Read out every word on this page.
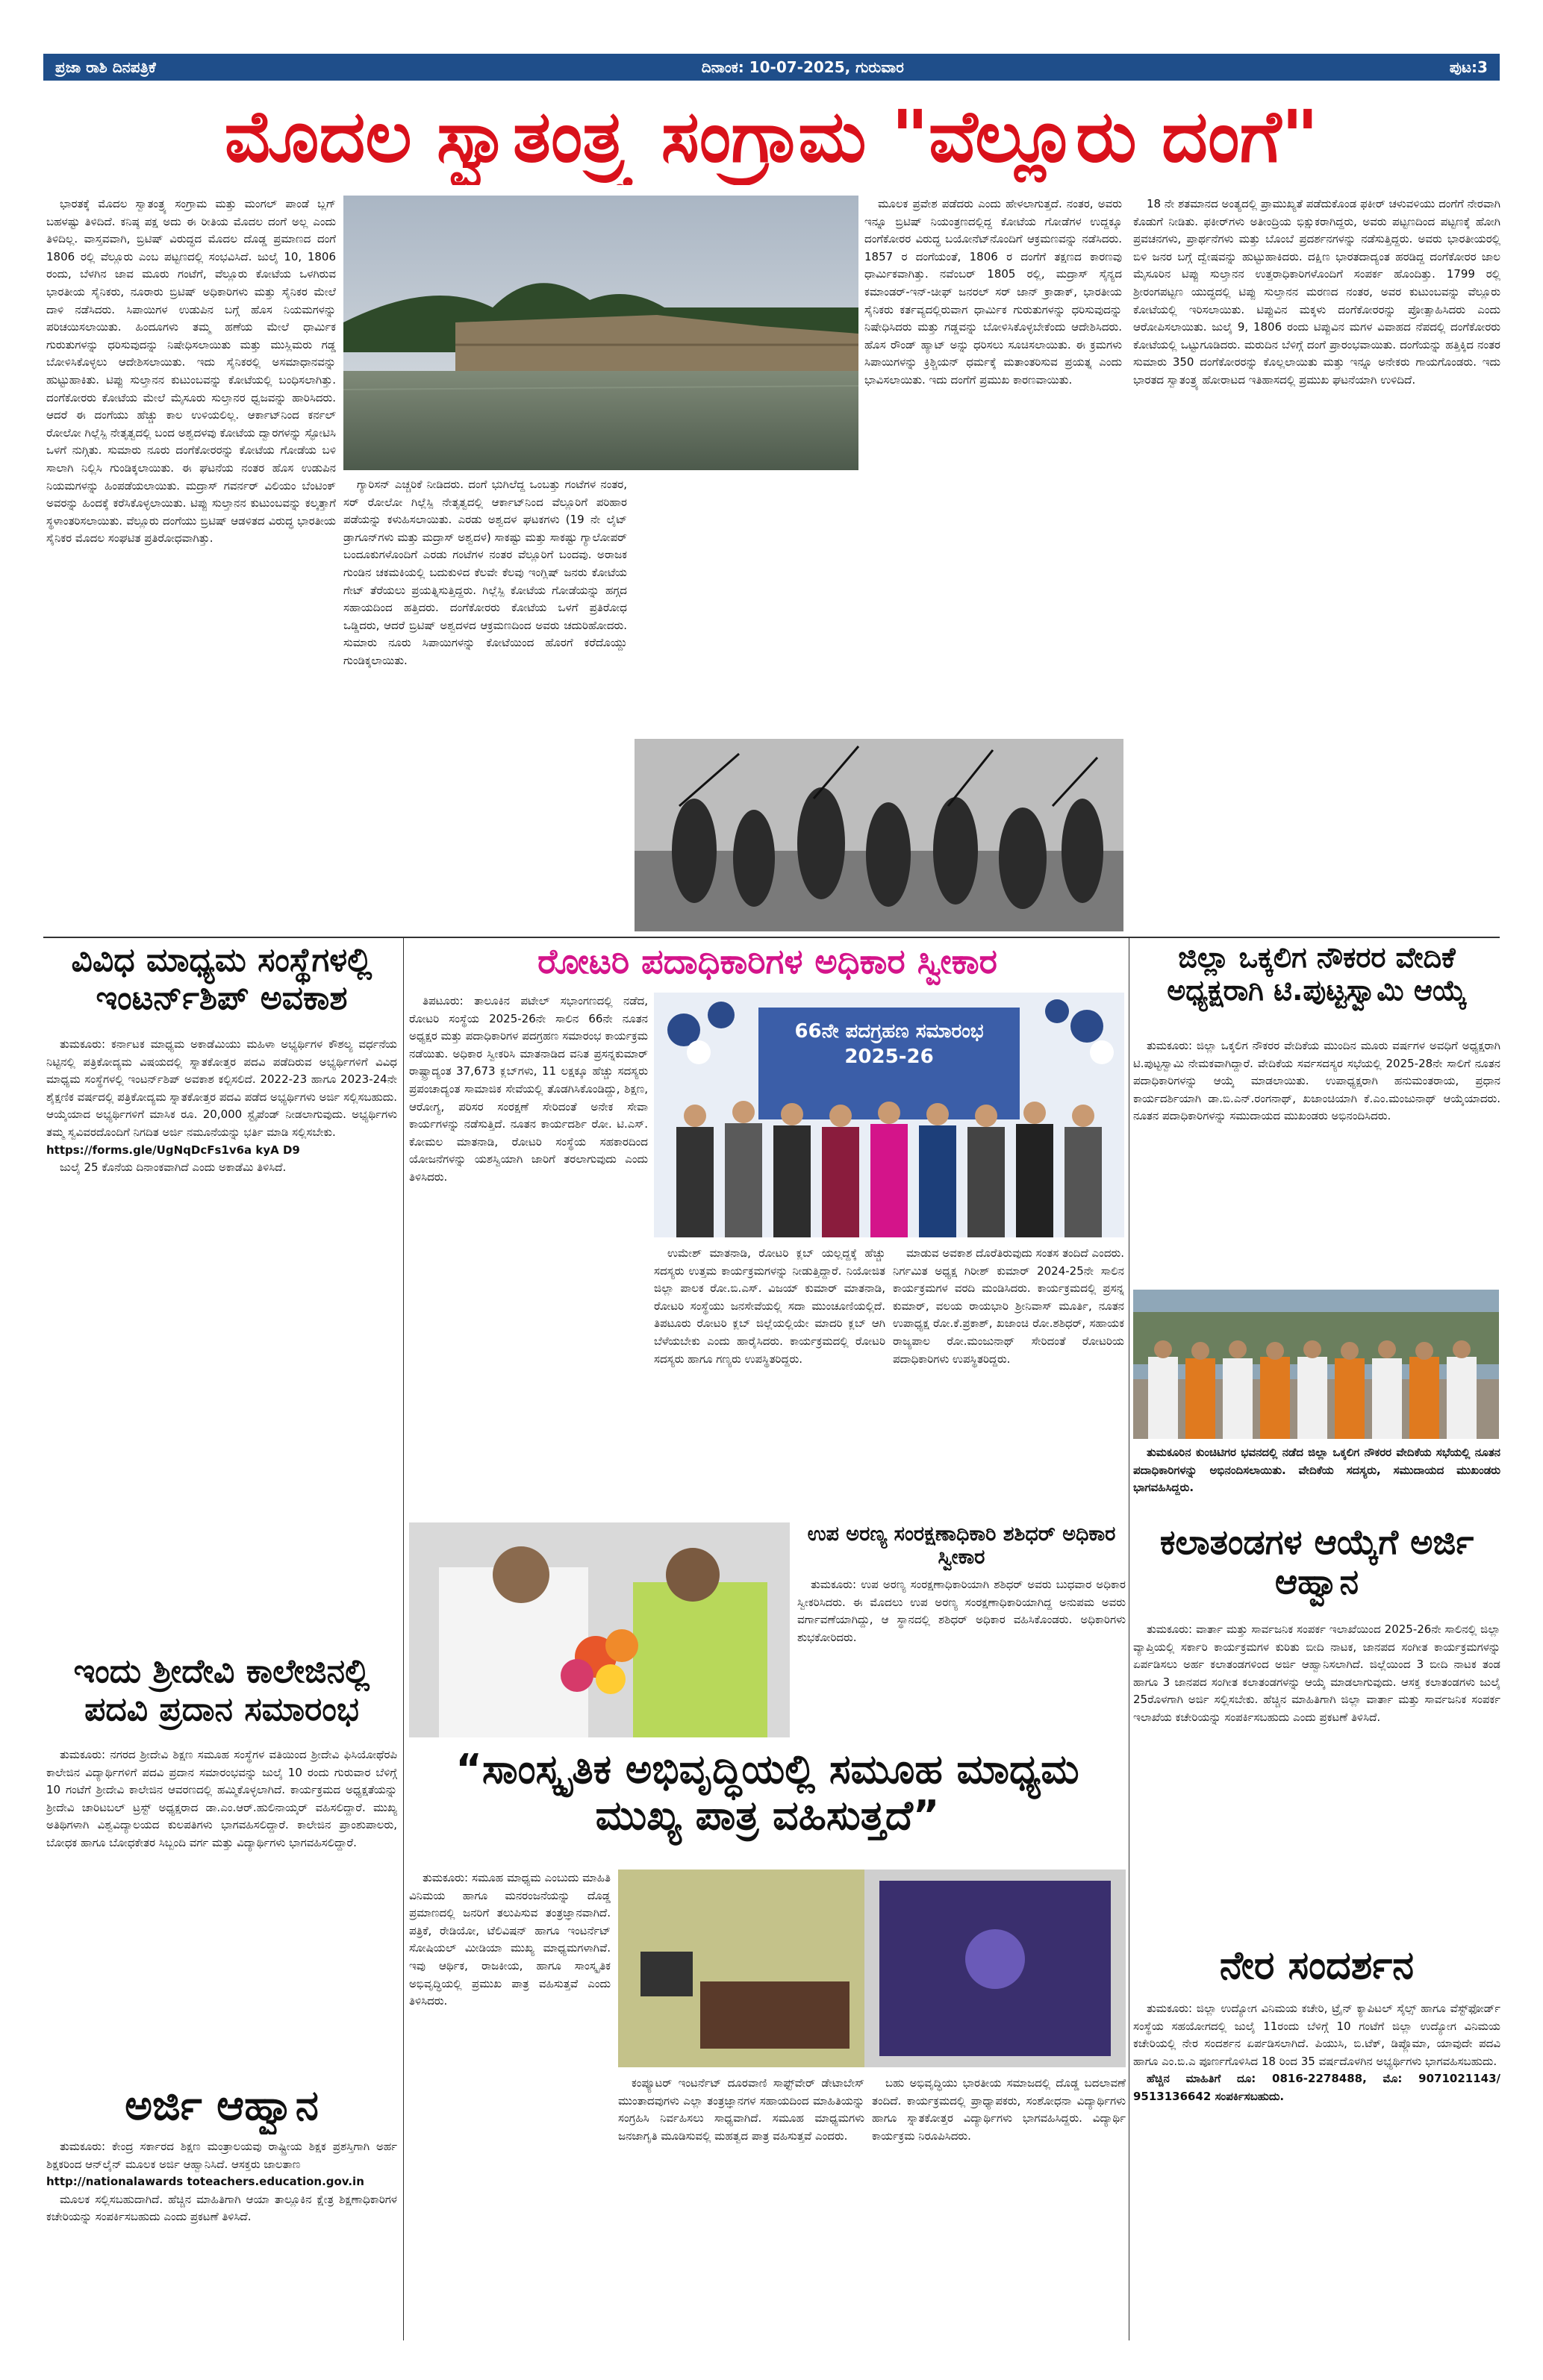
ಪ್ರಜಾ ರಾಶಿ ದಿನಪತ್ರಿಕೆ	ದಿನಾಂಕ: 10-07-2025, ಗುರುವಾರ	ಪುಟ:3
ಮೊದಲ ಸ್ವಾತಂತ್ರ್ಯ ಸಂಗ್ರಾಮ "ವೆಲ್ಲೂರು ದಂಗೆ"

ಭಾರತಕ್ಕೆ ಮೊದಲ ಸ್ವಾತಂತ್ರ್ಯ ಸಂಗ್ರಾಮ ಮತ್ತು ಮಂಗಲ್ ಪಾಂಡೆ ಬ್ಲಗ್ ಬಹಳಷ್ಟು ತಿಳಿದಿದೆ. ಕನಿಷ್ಠ ಪಕ್ಷ ಅದು ಈ ರೀತಿಯ ಮೊದಲ ದಂಗೆ ಅಲ್ಲ ಎಂದು ತಿಳಿದಿಲ್ಲ. ವಾಸ್ತವವಾಗಿ, ಬ್ರಿಟಿಷ್ ವಿರುದ್ಧದ ಮೊದಲ ದೊಡ್ಡ ಪ್ರಮಾಣದ ದಂಗೆ 1806 ರಲ್ಲಿ ವೆಲ್ಲೂರು ಎಂಬ ಪಟ್ಟಣದಲ್ಲಿ ಸಂಭವಿಸಿದೆ. ಜುಲೈ 10, 1806 ರಂದು, ಬೆಳಗಿನ ಜಾವ ಮೂರು ಗಂಟೆಗೆ, ವೆಲ್ಲೂರು ಕೋಟೆಯ ಒಳಗಿರುವ ಭಾರತೀಯ ಸೈನಿಕರು, ನೂರಾರು ಬ್ರಿಟಿಷ್ ಅಧಿಕಾರಿಗಳು ಮತ್ತು ಸೈನಿಕರ ಮೇಲೆ ದಾಳಿ ನಡೆಸಿದರು. ಸಿಪಾಯಿಗಳ ಉಡುಪಿನ ಬಗ್ಗೆ ಹೊಸ ನಿಯಮಗಳನ್ನು ಪರಿಚಯಿಸಲಾಯಿತು. ಹಿಂದೂಗಳು ತಮ್ಮ ಹಣೆಯ ಮೇಲೆ ಧಾರ್ಮಿಕ ಗುರುತುಗಳನ್ನು ಧರಿಸುವುದನ್ನು ನಿಷೇಧಿಸಲಾಯಿತು ಮತ್ತು ಮುಸ್ಲಿಮರು ಗಡ್ಡ ಬೋಳಿಸಿಕೊಳ್ಳಲು ಆದೇಶಿಸಲಾಯಿತು. ಇದು ಸೈನಿಕರಲ್ಲಿ ಅಸಮಾಧಾನವನ್ನು ಹುಟ್ಟುಹಾಕಿತು. ಟಿಪ್ಪು ಸುಲ್ತಾನನ ಕುಟುಂಬವನ್ನು ಕೋಟೆಯಲ್ಲಿ ಬಂಧಿಸಲಾಗಿತ್ತು. ದಂಗೆಕೋರರು ಕೋಟೆಯ ಮೇಲೆ ಮೈಸೂರು ಸುಲ್ತಾನರ ಧ್ವಜವನ್ನು ಹಾರಿಸಿದರು. ಆದರೆ ಈ ದಂಗೆಯು ಹೆಚ್ಚು ಕಾಲ ಉಳಿಯಲಿಲ್ಲ. ಆರ್ಕಾಟ್‌ನಿಂದ ಕರ್ನಲ್ ರೋಲೋ ಗಿಲ್ಲೆಸ್ಪಿ ನೇತೃತ್ವದಲ್ಲಿ ಬಂದ ಅಶ್ವದಳವು ಕೋಟೆಯ ದ್ವಾರಗಳನ್ನು ಸ್ಫೋಟಿಸಿ ಒಳಗೆ ನುಗ್ಗಿತು. ಸುಮಾರು ನೂರು ದಂಗೆಕೋರರನ್ನು ಕೋಟೆಯ ಗೋಡೆಯ ಬಳಿ ಸಾಲಾಗಿ ನಿಲ್ಲಿಸಿ ಗುಂಡಿಕ್ಕಲಾಯಿತು. ಈ ಘಟನೆಯ ನಂತರ ಹೊಸ ಉಡುಪಿನ ನಿಯಮಗಳನ್ನು ಹಿಂಪಡೆಯಲಾಯಿತು. ಮದ್ರಾಸ್ ಗವರ್ನರ್ ವಿಲಿಯಂ ಬೆಂಟಿಂಕ್ ಅವರನ್ನು ಹಿಂದಕ್ಕೆ ಕರೆಸಿಕೊಳ್ಳಲಾಯಿತು. ಟಿಪ್ಪು ಸುಲ್ತಾನನ ಕುಟುಂಬವನ್ನು ಕಲ್ಕತ್ತಾಗೆ ಸ್ಥಳಾಂತರಿಸಲಾಯಿತು. ವೆಲ್ಲೂರು ದಂಗೆಯು ಬ್ರಿಟಿಷ್ ಆಡಳಿತದ ವಿರುದ್ಧ ಭಾರತೀಯ ಸೈನಿಕರ ಮೊದಲ ಸಂಘಟಿತ ಪ್ರತಿರೋಧವಾಗಿತ್ತು.

ಮೂಲಕ ಪ್ರವೇಶ ಪಡೆದರು ಎಂದು ಹೇಳಲಾಗುತ್ತದೆ. ನಂತರ, ಅವರು ಇನ್ನೂ ಬ್ರಿಟಿಷ್ ನಿಯಂತ್ರಣದಲ್ಲಿದ್ದ ಕೋಟೆಯ ಗೋಡೆಗಳ ಉದ್ದಕ್ಕೂ ದಂಗೆಕೋರರ ವಿರುದ್ಧ ಬಯೋನೆಟ್‌ನೊಂದಿಗೆ ಆಕ್ರಮಣವನ್ನು ನಡೆಸಿದರು. 1857 ರ ದಂಗೆಯಂತೆ, 1806 ರ ದಂಗೆಗೆ ತಕ್ಷಣದ ಕಾರಣವು ಧಾರ್ಮಿಕವಾಗಿತ್ತು. ನವೆಂಬರ್ 1805 ರಲ್ಲಿ, ಮದ್ರಾಸ್ ಸೈನ್ಯದ ಕಮಾಂಡರ್-ಇನ್-ಚೀಫ್ ಜನರಲ್ ಸರ್ ಜಾನ್ ಕ್ರಾಡಾಕ್, ಭಾರತೀಯ ಸೈನಿಕರು ಕರ್ತವ್ಯದಲ್ಲಿರುವಾಗ ಧಾರ್ಮಿಕ ಗುರುತುಗಳನ್ನು ಧರಿಸುವುದನ್ನು ನಿಷೇಧಿಸಿದರು ಮತ್ತು ಗಡ್ಡವನ್ನು ಬೋಳಿಸಿಕೊಳ್ಳಬೇಕೆಂದು ಆದೇಶಿಸಿದರು. ಹೊಸ ರೌಂಡ್ ಹ್ಯಾಟ್ ಅನ್ನು ಧರಿಸಲು ಸೂಚಿಸಲಾಯಿತು. ಈ ಕ್ರಮಗಳು ಸಿಪಾಯಿಗಳನ್ನು ಕ್ರಿಶ್ಚಿಯನ್ ಧರ್ಮಕ್ಕೆ ಮತಾಂತರಿಸುವ ಪ್ರಯತ್ನ ಎಂದು ಭಾವಿಸಲಾಯಿತು. ಇದು ದಂಗೆಗೆ ಪ್ರಮುಖ ಕಾರಣವಾಯಿತು.

18 ನೇ ಶತಮಾನದ ಅಂತ್ಯದಲ್ಲಿ ಪ್ರಾಮುಖ್ಯತೆ ಪಡೆದುಕೊಂಡ ಫಕೀರ್ ಚಳುವಳಿಯು ದಂಗೆಗೆ ನೇರವಾಗಿ ಕೊಡುಗೆ ನೀಡಿತು. ಫಕೀರ್‌ಗಳು ಅತೀಂದ್ರಿಯ ಭಿಕ್ಷುಕರಾಗಿದ್ದರು, ಅವರು ಪಟ್ಟಣದಿಂದ ಪಟ್ಟಣಕ್ಕೆ ಹೋಗಿ ಪ್ರವಚನಗಳು, ಪ್ರಾರ್ಥನೆಗಳು ಮತ್ತು ಬೊಂಬೆ ಪ್ರದರ್ಶನಗಳನ್ನು ನಡೆಸುತ್ತಿದ್ದರು. ಅವರು ಭಾರತೀಯರಲ್ಲಿ ಬಿಳಿ ಜನರ ಬಗ್ಗೆ ದ್ವೇಷವನ್ನು ಹುಟ್ಟುಹಾಕಿದರು. ದಕ್ಷಿಣ ಭಾರತದಾದ್ಯಂತ ಹರಡಿದ್ದ ದಂಗೆಕೋರರ ಜಾಲ ಮೈಸೂರಿನ ಟಿಪ್ಪು ಸುಲ್ತಾನನ ಉತ್ತರಾಧಿಕಾರಿಗಳೊಂದಿಗೆ ಸಂಪರ್ಕ ಹೊಂದಿತ್ತು. 1799 ರಲ್ಲಿ ಶ್ರೀರಂಗಪಟ್ಟಣ ಯುದ್ಧದಲ್ಲಿ ಟಿಪ್ಪು ಸುಲ್ತಾನನ ಮರಣದ ನಂತರ, ಅವರ ಕುಟುಂಬವನ್ನು ವೆಲ್ಲೂರು ಕೋಟೆಯಲ್ಲಿ ಇರಿಸಲಾಯಿತು. ಟಿಪ್ಪುವಿನ ಮಕ್ಕಳು ದಂಗೆಕೋರರನ್ನು ಪ್ರೋತ್ಸಾಹಿಸಿದರು ಎಂದು ಆರೋಪಿಸಲಾಯಿತು. ಜುಲೈ 9, 1806 ರಂದು ಟಿಪ್ಪುವಿನ ಮಗಳ ವಿವಾಹದ ನೆಪದಲ್ಲಿ ದಂಗೆಕೋರರು ಕೋಟೆಯಲ್ಲಿ ಒಟ್ಟುಗೂಡಿದರು. ಮರುದಿನ ಬೆಳಿಗ್ಗೆ ದಂಗೆ ಪ್ರಾರಂಭವಾಯಿತು. ದಂಗೆಯನ್ನು ಹತ್ತಿಕ್ಕಿದ ನಂತರ ಸುಮಾರು 350 ದಂಗೆಕೋರರನ್ನು ಕೊಲ್ಲಲಾಯಿತು ಮತ್ತು ಇನ್ನೂ ಅನೇಕರು ಗಾಯಗೊಂಡರು. ಇದು ಭಾರತದ ಸ್ವಾತಂತ್ರ್ಯ ಹೋರಾಟದ ಇತಿಹಾಸದಲ್ಲಿ ಪ್ರಮುಖ ಘಟನೆಯಾಗಿ ಉಳಿದಿದೆ.

ಗ್ಯಾರಿಸನ್ ಎಚ್ಚರಿಕೆ ನೀಡಿದರು. ದಂಗೆ ಭುಗಿಲೆದ್ದ ಒಂಬತ್ತು ಗಂಟೆಗಳ ನಂತರ, ಸರ್ ರೋಲೋ ಗಿಲ್ಲೆಸ್ಪಿ ನೇತೃತ್ವದಲ್ಲಿ ಆರ್ಕಾಟ್‌ನಿಂದ ವೆಲ್ಲೂರಿಗೆ ಪರಿಹಾರ ಪಡೆಯನ್ನು ಕಳುಹಿಸಲಾಯಿತು. ಎರಡು ಅಶ್ವದಳ ಘಟಕಗಳು (19 ನೇ ಲೈಟ್ ಡ್ರಾಗೂನ್‌ಗಳು ಮತ್ತು ಮದ್ರಾಸ್ ಅಶ್ವದಳ) ಸಾಕಷ್ಟು ಮತ್ತು ಸಾಕಷ್ಟು ಗ್ಯಾಲೋಪರ್ ಬಂದೂಕುಗಳೊಂದಿಗೆ ಎರಡು ಗಂಟೆಗಳ ನಂತರ ವೆಲ್ಲೂರಿಗೆ ಬಂದವು. ಅರಾಜಕ ಗುಂಡಿನ ಚಕಮಕಿಯಲ್ಲಿ ಬದುಕುಳಿದ ಕೆಲವೇ ಕೆಲವು ಇಂಗ್ಲಿಷ್ ಜನರು ಕೋಟೆಯ ಗೇಟ್ ತೆರೆಯಲು ಪ್ರಯತ್ನಿಸುತ್ತಿದ್ದರು. ಗಿಲ್ಲೆಸ್ಪಿ ಕೋಟೆಯ ಗೋಡೆಯನ್ನು ಹಗ್ಗದ ಸಹಾಯದಿಂದ ಹತ್ತಿದರು. ದಂಗೆಕೋರರು ಕೋಟೆಯ ಒಳಗೆ ಪ್ರತಿರೋಧ ಒಡ್ಡಿದರು, ಆದರೆ ಬ್ರಿಟಿಷ್ ಅಶ್ವದಳದ ಆಕ್ರಮಣದಿಂದ ಅವರು ಚದುರಿಹೋದರು. ಸುಮಾರು ನೂರು ಸಿಪಾಯಿಗಳನ್ನು ಕೋಟೆಯಿಂದ ಹೊರಗೆ ಕರೆದೊಯ್ದು ಗುಂಡಿಕ್ಕಲಾಯಿತು.

ವಿವಿಧ ಮಾಧ್ಯಮ ಸಂಸ್ಥೆಗಳಲ್ಲಿ ಇಂಟರ್ನ್‌ಶಿಪ್ ಅವಕಾಶ

ತುಮಕೂರು: ಕರ್ನಾಟಕ ಮಾಧ್ಯಮ ಅಕಾಡೆಮಿಯು ಮಹಿಳಾ ಅಭ್ಯರ್ಥಿಗಳ ಕೌಶಲ್ಯ ವರ್ಧನೆಯ ನಿಟ್ಟಿನಲ್ಲಿ ಪತ್ರಿಕೋದ್ಯಮ ವಿಷಯದಲ್ಲಿ ಸ್ನಾತಕೋತ್ತರ ಪದವಿ ಪಡೆದಿರುವ ಅಭ್ಯರ್ಥಿಗಳಿಗೆ ವಿವಿಧ ಮಾಧ್ಯಮ ಸಂಸ್ಥೆಗಳಲ್ಲಿ ಇಂಟರ್ನ್‌ಶಿಪ್ ಅವಕಾಶ ಕಲ್ಪಿಸಲಿದೆ. 2022-23 ಹಾಗೂ 2023-24ನೇ ಶೈಕ್ಷಣಿಕ ವರ್ಷದಲ್ಲಿ ಪತ್ರಿಕೋದ್ಯಮ ಸ್ನಾತಕೋತ್ತರ ಪದವಿ ಪಡೆದ ಅಭ್ಯರ್ಥಿಗಳು ಅರ್ಜಿ ಸಲ್ಲಿಸಬಹುದು. ಆಯ್ಕೆಯಾದ ಅಭ್ಯರ್ಥಿಗಳಿಗೆ ಮಾಸಿಕ ರೂ. 20,000 ಸ್ಟೈಪೆಂಡ್ ನೀಡಲಾಗುವುದು. ಅಭ್ಯರ್ಥಿಗಳು ತಮ್ಮ ಸ್ವವಿವರದೊಂದಿಗೆ ನಿಗದಿತ ಅರ್ಜಿ ನಮೂನೆಯನ್ನು ಭರ್ತಿ ಮಾಡಿ ಸಲ್ಲಿಸಬೇಕು.

https://forms.gle/UgNqDcFs1v6a kyA D9

ಜುಲೈ 25 ಕೊನೆಯ ದಿನಾಂಕವಾಗಿದೆ ಎಂದು ಅಕಾಡೆಮಿ ತಿಳಿಸಿದೆ.

ಇಂದು ಶ್ರೀದೇವಿ ಕಾಲೇಜಿನಲ್ಲಿ ಪದವಿ ಪ್ರದಾನ ಸಮಾರಂಭ

ತುಮಕೂರು: ನಗರದ ಶ್ರೀದೇವಿ ಶಿಕ್ಷಣ ಸಮೂಹ ಸಂಸ್ಥೆಗಳ ವತಿಯಿಂದ ಶ್ರೀದೇವಿ ಫಿಸಿಯೋಥೆರಪಿ ಕಾಲೇಜಿನ ವಿದ್ಯಾರ್ಥಿಗಳಿಗೆ ಪದವಿ ಪ್ರದಾನ ಸಮಾರಂಭವನ್ನು ಜುಲೈ 10 ರಂದು ಗುರುವಾರ ಬೆಳಿಗ್ಗೆ 10 ಗಂಟೆಗೆ ಶ್ರೀದೇವಿ ಕಾಲೇಜಿನ ಆವರಣದಲ್ಲಿ ಹಮ್ಮಿಕೊಳ್ಳಲಾಗಿದೆ. ಕಾರ್ಯಕ್ರಮದ ಅಧ್ಯಕ್ಷತೆಯನ್ನು ಶ್ರೀದೇವಿ ಚಾರಿಟಬಲ್ ಟ್ರಸ್ಟ್ ಅಧ್ಯಕ್ಷರಾದ ಡಾ.ಎಂ.ಆರ್.ಹುಲಿನಾಯ್ಕರ್ ವಹಿಸಲಿದ್ದಾರೆ. ಮುಖ್ಯ ಅತಿಥಿಗಳಾಗಿ ವಿಶ್ವವಿದ್ಯಾಲಯದ ಕುಲಪತಿಗಳು ಭಾಗವಹಿಸಲಿದ್ದಾರೆ. ಕಾಲೇಜಿನ ಪ್ರಾಂಶುಪಾಲರು, ಬೋಧಕ ಹಾಗೂ ಬೋಧಕೇತರ ಸಿಬ್ಬಂದಿ ವರ್ಗ ಮತ್ತು ವಿದ್ಯಾರ್ಥಿಗಳು ಭಾಗವಹಿಸಲಿದ್ದಾರೆ.

ಅರ್ಜಿ ಆಹ್ವಾನ

ತುಮಕೂರು: ಕೇಂದ್ರ ಸರ್ಕಾರದ ಶಿಕ್ಷಣ ಮಂತ್ರಾಲಯವು ರಾಷ್ಟ್ರೀಯ ಶಿಕ್ಷಕ ಪ್ರಶಸ್ತಿಗಾಗಿ ಅರ್ಹ ಶಿಕ್ಷಕರಿಂದ ಆನ್‌ಲೈನ್ ಮೂಲಕ ಅರ್ಜಿ ಆಹ್ವಾನಿಸಿದೆ. ಆಸಕ್ತರು ಜಾಲತಾಣ

http://nationalawards toteachers.education.gov.in

ಮೂಲಕ ಸಲ್ಲಿಸಬಹುದಾಗಿದೆ. ಹೆಚ್ಚಿನ ಮಾಹಿತಿಗಾಗಿ ಆಯಾ ತಾಲ್ಲೂಕಿನ ಕ್ಷೇತ್ರ ಶಿಕ್ಷಣಾಧಿಕಾರಿಗಳ ಕಚೇರಿಯನ್ನು ಸಂಪರ್ಕಿಸಬಹುದು ಎಂದು ಪ್ರಕಟಣೆ ತಿಳಿಸಿದೆ.

ರೋಟರಿ ಪದಾಧಿಕಾರಿಗಳ ಅಧಿಕಾರ ಸ್ವೀಕಾರ

ತಿಪಟೂರು: ತಾಲೂಕಿನ ಪಟೇಲ್ ಸಭಾಂಗಣದಲ್ಲಿ ನಡೆದ, ರೋಟರಿ ಸಂಸ್ಥೆಯ 2025-26ನೇ ಸಾಲಿನ 66ನೇ ನೂತನ ಅಧ್ಯಕ್ಷರ ಮತ್ತು ಪದಾಧಿಕಾರಿಗಳ ಪದಗ್ರಹಣ ಸಮಾರಂಭ ಕಾರ್ಯಕ್ರಮ ನಡೆಯಿತು. ಅಧಿಕಾರ ಸ್ವೀಕರಿಸಿ ಮಾತನಾಡಿದ ವನಿತ ಪ್ರಸನ್ನಕುಮಾರ್ ರಾಷ್ಟ್ರಾದ್ಯಂತ 37,673 ಕ್ಲಬ್‌ಗಳು, 11 ಲಕ್ಷಕ್ಕೂ ಹೆಚ್ಚು ಸದಸ್ಯರು ಪ್ರಪಂಚಾದ್ಯಂತ ಸಾಮಾಜಿಕ ಸೇವೆಯಲ್ಲಿ ತೊಡಗಿಸಿಕೊಂಡಿದ್ದು, ಶಿಕ್ಷಣ, ಆರೋಗ್ಯ, ಪರಿಸರ ಸಂರಕ್ಷಣೆ ಸೇರಿದಂತೆ ಅನೇಕ ಸೇವಾ ಕಾರ್ಯಗಳನ್ನು ನಡೆಸುತ್ತಿದೆ. ನೂತನ ಕಾರ್ಯದರ್ಶಿ ರೋ. ಟಿ.ಎಸ್. ಕೋಮಲ ಮಾತನಾಡಿ, ರೋಟರಿ ಸಂಸ್ಥೆಯ ಸಹಕಾರದಿಂದ ಯೋಜನೆಗಳನ್ನು ಯಶಸ್ವಿಯಾಗಿ ಜಾರಿಗೆ ತರಲಾಗುವುದು ಎಂದು ತಿಳಿಸಿದರು.

66ನೇ ಪದಗ್ರಹಣ ಸಮಾರಂಭ 2025-26

ಉಮೇಶ್ ಮಾತನಾಡಿ, ರೋಟರಿ ಕ್ಲಬ್ ಯಲ್ಲದ್ದಕ್ಕೆ ಹೆಚ್ಚು ಸದಸ್ಯರು ಉತ್ತಮ ಕಾರ್ಯಕ್ರಮಗಳನ್ನು ನೀಡುತ್ತಿದ್ದಾರೆ. ನಿಯೋಜಿತ ಜಿಲ್ಲಾ ಪಾಲಕ ರೋ.ಬಿ.ಎಸ್. ವಿಜಯ್ ಕುಮಾರ್ ಮಾತನಾಡಿ, ರೋಟರಿ ಸಂಸ್ಥೆಯು ಜನಸೇವೆಯಲ್ಲಿ ಸದಾ ಮುಂಚೂಣಿಯಲ್ಲಿದೆ. ತಿಪಟೂರು ರೋಟರಿ ಕ್ಲಬ್ ಜಿಲ್ಲೆಯಲ್ಲಿಯೇ ಮಾದರಿ ಕ್ಲಬ್ ಆಗಿ ಬೆಳೆಯಬೇಕು ಎಂದು ಹಾರೈಸಿದರು. ಕಾರ್ಯಕ್ರಮದಲ್ಲಿ ರೋಟರಿ ಸದಸ್ಯರು ಹಾಗೂ ಗಣ್ಯರು ಉಪಸ್ಥಿತರಿದ್ದರು.

ಮಾಡುವ ಅವಕಾಶ ದೊರೆತಿರುವುದು ಸಂತಸ ತಂದಿದೆ ಎಂದರು. ನಿರ್ಗಮಿತ ಅಧ್ಯಕ್ಷ ಗಿರೀಶ್ ಕುಮಾರ್ 2024-25ನೇ ಸಾಲಿನ ಕಾರ್ಯಕ್ರಮಗಳ ವರದಿ ಮಂಡಿಸಿದರು. ಕಾರ್ಯಕ್ರಮದಲ್ಲಿ ಪ್ರಸನ್ನ ಕುಮಾರ್, ವಲಯ ರಾಯಭಾರಿ ಶ್ರೀನಿವಾಸ್ ಮೂರ್ತಿ, ನೂತನ ಉಪಾಧ್ಯಕ್ಷ ರೋ.ಕೆ.ಪ್ರಕಾಶ್, ಖಜಾಂಚಿ ರೋ.ಶಶಿಧರ್, ಸಹಾಯಕ ರಾಜ್ಯಪಾಲ ರೋ.ಮಂಜುನಾಥ್ ಸೇರಿದಂತೆ ರೋಟರಿಯ ಪದಾಧಿಕಾರಿಗಳು ಉಪಸ್ಥಿತರಿದ್ದರು.

ಜಿಲ್ಲಾ ಒಕ್ಕಲಿಗ ನೌಕರರ ವೇದಿಕೆ ಅಧ್ಯಕ್ಷರಾಗಿ ಟಿ.ಪುಟ್ಟಸ್ವಾಮಿ ಆಯ್ಕೆ

ತುಮಕೂರು: ಜಿಲ್ಲಾ ಒಕ್ಕಲಿಗ ನೌಕರರ ವೇದಿಕೆಯ ಮುಂದಿನ ಮೂರು ವರ್ಷಗಳ ಅವಧಿಗೆ ಅಧ್ಯಕ್ಷರಾಗಿ ಟಿ.ಪುಟ್ಟಸ್ವಾಮಿ ನೇಮಕವಾಗಿದ್ದಾರೆ. ವೇದಿಕೆಯ ಸರ್ವಸದಸ್ಯರ ಸಭೆಯಲ್ಲಿ 2025-28ನೇ ಸಾಲಿಗೆ ನೂತನ ಪದಾಧಿಕಾರಿಗಳನ್ನು ಆಯ್ಕೆ ಮಾಡಲಾಯಿತು. ಉಪಾಧ್ಯಕ್ಷರಾಗಿ ಹನುಮಂತರಾಯ, ಪ್ರಧಾನ ಕಾರ್ಯದರ್ಶಿಯಾಗಿ ಡಾ.ಬಿ.ಎನ್.ರಂಗನಾಥ್, ಖಜಾಂಚಿಯಾಗಿ ಕೆ.ಎಂ.ಮಂಜುನಾಥ್ ಆಯ್ಕೆಯಾದರು. ನೂತನ ಪದಾಧಿಕಾರಿಗಳನ್ನು ಸಮುದಾಯದ ಮುಖಂಡರು ಅಭಿನಂದಿಸಿದರು.

ತುಮಕೂರಿನ ಕುಂಚಿಟಿಗರ ಭವನದಲ್ಲಿ ನಡೆದ ಜಿಲ್ಲಾ ಒಕ್ಕಲಿಗ ನೌಕರರ ವೇದಿಕೆಯ ಸಭೆಯಲ್ಲಿ ನೂತನ ಪದಾಧಿಕಾರಿಗಳನ್ನು ಅಭಿನಂದಿಸಲಾಯಿತು. ವೇದಿಕೆಯ ಸದಸ್ಯರು, ಸಮುದಾಯದ ಮುಖಂಡರು ಭಾಗವಹಿಸಿದ್ದರು.

ಉಪ ಅರಣ್ಯ ಸಂರಕ್ಷಣಾಧಿಕಾರಿ ಶಶಿಧರ್ ಅಧಿಕಾರ ಸ್ವೀಕಾರ

ತುಮಕೂರು: ಉಪ ಅರಣ್ಯ ಸಂರಕ್ಷಣಾಧಿಕಾರಿಯಾಗಿ ಶಶಿಧರ್ ಅವರು ಬುಧವಾರ ಅಧಿಕಾರ ಸ್ವೀಕರಿಸಿದರು. ಈ ಮೊದಲು ಉಪ ಅರಣ್ಯ ಸಂರಕ್ಷಣಾಧಿಕಾರಿಯಾಗಿದ್ದ ಅನುಪಮ ಅವರು ವರ್ಗಾವಣೆಯಾಗಿದ್ದು, ಆ ಸ್ಥಾನದಲ್ಲಿ ಶಶಿಧರ್ ಅಧಿಕಾರ ವಹಿಸಿಕೊಂಡರು. ಅಧಿಕಾರಿಗಳು ಶುಭಕೋರಿದರು.

ಕಲಾತಂಡಗಳ ಆಯ್ಕೆಗೆ ಅರ್ಜಿ ಆಹ್ವಾನ

ತುಮಕೂರು: ವಾರ್ತಾ ಮತ್ತು ಸಾರ್ವಜನಿಕ ಸಂಪರ್ಕ ಇಲಾಖೆಯಿಂದ 2025-26ನೇ ಸಾಲಿನಲ್ಲಿ ಜಿಲ್ಲಾ ವ್ಯಾಪ್ತಿಯಲ್ಲಿ ಸರ್ಕಾರಿ ಕಾರ್ಯಕ್ರಮಗಳ ಕುರಿತು ಬೀದಿ ನಾಟಕ, ಜಾನಪದ ಸಂಗೀತ ಕಾರ್ಯಕ್ರಮಗಳನ್ನು ಏರ್ಪಡಿಸಲು ಅರ್ಹ ಕಲಾತಂಡಗಳಿಂದ ಅರ್ಜಿ ಆಹ್ವಾನಿಸಲಾಗಿದೆ. ಜಿಲ್ಲೆಯಿಂದ 3 ಬೀದಿ ನಾಟಕ ತಂಡ ಹಾಗೂ 3 ಜಾನಪದ ಸಂಗೀತ ಕಲಾತಂಡಗಳನ್ನು ಆಯ್ಕೆ ಮಾಡಲಾಗುವುದು. ಆಸಕ್ತ ಕಲಾತಂಡಗಳು ಜುಲೈ 25ರೊಳಗಾಗಿ ಅರ್ಜಿ ಸಲ್ಲಿಸಬೇಕು. ಹೆಚ್ಚಿನ ಮಾಹಿತಿಗಾಗಿ ಜಿಲ್ಲಾ ವಾರ್ತಾ ಮತ್ತು ಸಾರ್ವಜನಿಕ ಸಂಪರ್ಕ ಇಲಾಖೆಯ ಕಚೇರಿಯನ್ನು ಸಂಪರ್ಕಿಸಬಹುದು ಎಂದು ಪ್ರಕಟಣೆ ತಿಳಿಸಿದೆ.

ನೇರ ಸಂದರ್ಶನ

ತುಮಕೂರು: ಜಿಲ್ಲಾ ಉದ್ಯೋಗ ವಿನಿಮಯ ಕಚೇರಿ, ಟ್ರೈನ್ ಕ್ಯಾಪಿಟಲ್ ಸೈಲ್ಸ್ ಹಾಗೂ ವೆಸ್ಟ್‌ಫೋರ್ಡ್ ಸಂಸ್ಥೆಯ ಸಹಯೋಗದಲ್ಲಿ ಜುಲೈ 11ರಂದು ಬೆಳಿಗ್ಗೆ 10 ಗಂಟೆಗೆ ಜಿಲ್ಲಾ ಉದ್ಯೋಗ ವಿನಿಮಯ ಕಚೇರಿಯಲ್ಲಿ ನೇರ ಸಂದರ್ಶನ ಏರ್ಪಡಿಸಲಾಗಿದೆ. ಪಿಯುಸಿ, ಬಿ.ಟೆಕ್, ಡಿಪ್ಲೊಮಾ, ಯಾವುದೇ ಪದವಿ ಹಾಗೂ ಎಂ.ಬಿ.ಎ ಪೂರ್ಣಗೊಳಿಸಿದ 18 ರಿಂದ 35 ವರ್ಷದೊಳಗಿನ ಅಭ್ಯರ್ಥಿಗಳು ಭಾಗವಹಿಸಬಹುದು.

ಹೆಚ್ಚಿನ ಮಾಹಿತಿಗೆ ದೂ: 0816-2278488, ಮೊ: 9071021143/ 9513136642 ಸಂಪರ್ಕಿಸಬಹುದು.

“ಸಾಂಸ್ಕೃತಿಕ ಅಭಿವೃದ್ಧಿಯಲ್ಲಿ ಸಮೂಹ ಮಾಧ್ಯಮ ಮುಖ್ಯ ಪಾತ್ರ ವಹಿಸುತ್ತದೆ”

ತುಮಕೂರು: ಸಮೂಹ ಮಾಧ್ಯಮ ಎಂಬುದು ಮಾಹಿತಿ ವಿನಿಮಯ ಹಾಗೂ ಮನರಂಜನೆಯನ್ನು ದೊಡ್ಡ ಪ್ರಮಾಣದಲ್ಲಿ ಜನರಿಗೆ ತಲುಪಿಸುವ ತಂತ್ರಜ್ಞಾನವಾಗಿದೆ. ಪತ್ರಿಕೆ, ರೇಡಿಯೋ, ಟೆಲಿವಿಷನ್ ಹಾಗೂ ಇಂಟರ್ನೆಟ್ ಸೋಷಿಯಲ್ ಮೀಡಿಯಾ ಮುಖ್ಯ ಮಾಧ್ಯಮಗಳಾಗಿವೆ. ಇವು ಆರ್ಥಿಕ, ರಾಜಕೀಯ, ಹಾಗೂ ಸಾಂಸ್ಕೃತಿಕ ಅಭಿವೃದ್ಧಿಯಲ್ಲಿ ಪ್ರಮುಖ ಪಾತ್ರ ವಹಿಸುತ್ತವೆ ಎಂದು ತಿಳಿಸಿದರು.

ಕಂಪ್ಯೂಟರ್ ಇಂಟರ್ನೆಟ್ ದೂರವಾಣಿ ಸಾಫ್ಟ್‌ವೇರ್ ಡೇಟಾಬೇಸ್ ಮುಂತಾದವುಗಳು ಎಲ್ಲಾ ತಂತ್ರಜ್ಞಾನಗಳ ಸಹಾಯದಿಂದ ಮಾಹಿತಿಯನ್ನು ಸಂಗ್ರಹಿಸಿ ನಿರ್ವಹಿಸಲು ಸಾಧ್ಯವಾಗಿದೆ. ಸಮೂಹ ಮಾಧ್ಯಮಗಳು ಜನಜಾಗೃತಿ ಮೂಡಿಸುವಲ್ಲಿ ಮಹತ್ವದ ಪಾತ್ರ ವಹಿಸುತ್ತವೆ ಎಂದರು.

ಬಹು ಅಭಿವೃದ್ಧಿಯು ಭಾರತೀಯ ಸಮಾಜದಲ್ಲಿ ದೊಡ್ಡ ಬದಲಾವಣೆ ತಂದಿದೆ. ಕಾರ್ಯಕ್ರಮದಲ್ಲಿ ಪ್ರಾಧ್ಯಾಪಕರು, ಸಂಶೋಧನಾ ವಿದ್ಯಾರ್ಥಿಗಳು ಹಾಗೂ ಸ್ನಾತಕೋತ್ತರ ವಿದ್ಯಾರ್ಥಿಗಳು ಭಾಗವಹಿಸಿದ್ದರು. ವಿದ್ಯಾರ್ಥಿ ಕಾರ್ಯಕ್ರಮ ನಿರೂಪಿಸಿದರು.
